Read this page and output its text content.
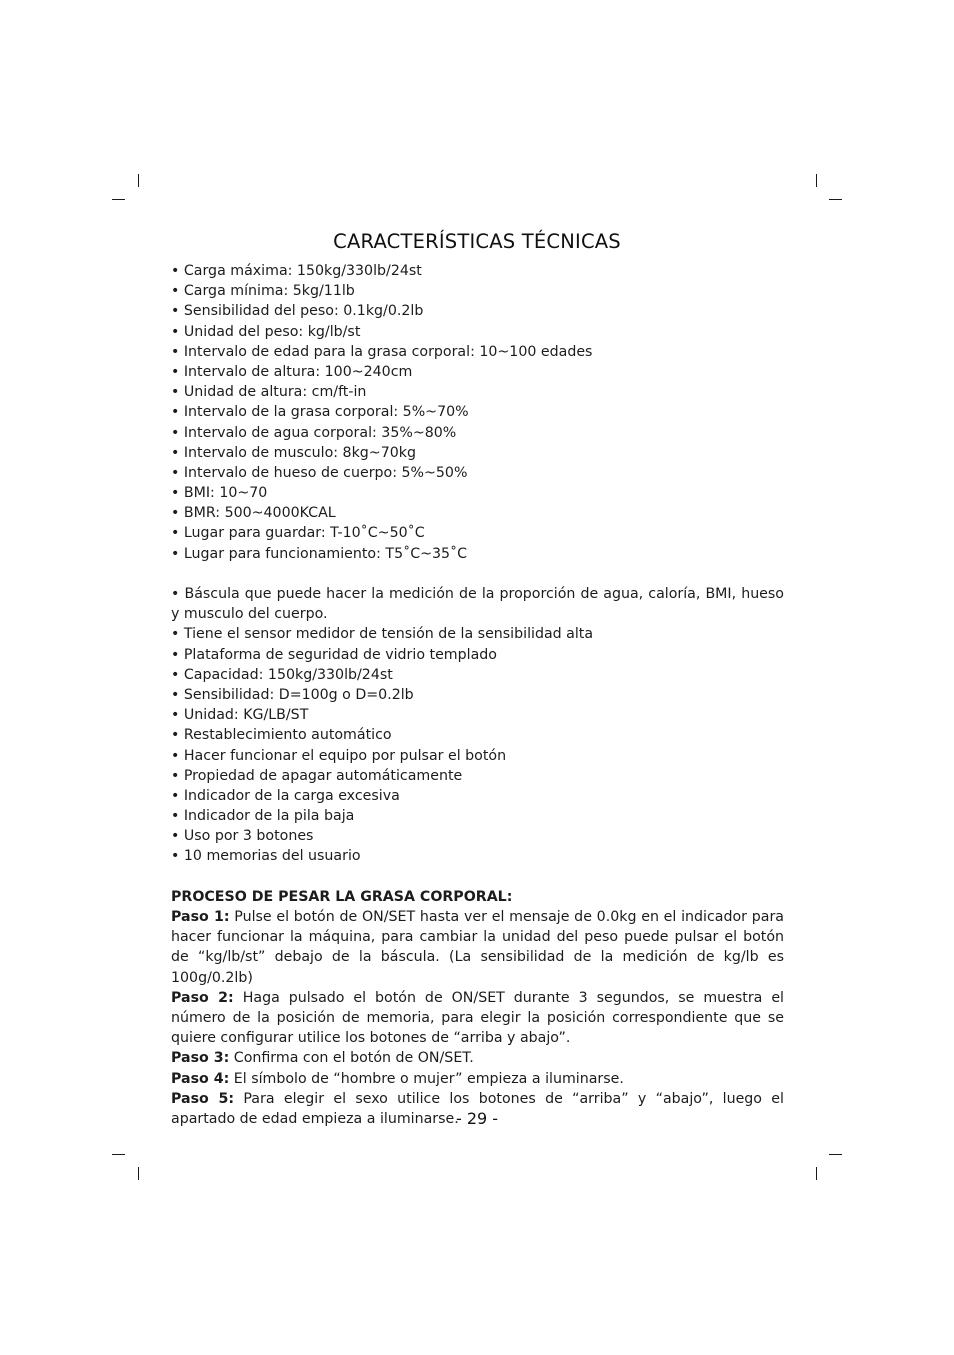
CARACTERÍSTICAS TÉCNICAS
• Carga máxima: 150kg/330lb/24st
• Carga mínima: 5kg/11lb
• Sensibilidad del peso: 0.1kg/0.2lb
• Unidad del peso: kg/lb/st
• Intervalo de edad para la grasa corporal: 10~100 edades
• Intervalo de altura: 100~240cm
• Unidad de altura: cm/ft-in
• Intervalo de la grasa corporal: 5%~70%
• Intervalo de agua corporal: 35%~80%
• Intervalo de musculo: 8kg~70kg
• Intervalo de hueso de cuerpo: 5%~50%
• BMI: 10~70
• BMR: 500~4000KCAL
• Lugar para guardar: T-10˚C~50˚C
• Lugar para funcionamiento: T5˚C~35˚C
• Báscula que puede hacer la medición de la proporción de agua, caloría, BMI, hueso y musculo del cuerpo.
• Tiene el sensor medidor de tensión de la sensibilidad alta
• Plataforma de seguridad de vidrio templado
• Capacidad: 150kg/330lb/24st
• Sensibilidad: D=100g o D=0.2lb
• Unidad: KG/LB/ST
• Restablecimiento automático
• Hacer funcionar el equipo por pulsar el botón
• Propiedad de apagar automáticamente
• Indicador de la carga excesiva
• Indicador de la pila baja
• Uso por 3 botones
• 10 memorias del usuario
PROCESO DE PESAR LA GRASA CORPORAL:
Paso 1: Pulse el botón de ON/SET hasta ver el mensaje de 0.0kg en el indicador para hacer funcionar la máquina, para cambiar la unidad del peso puede pulsar el botón de “kg/lb/st” debajo de la báscula. (La sensibilidad de la medición de kg/lb es 100g/0.2lb)
Paso 2: Haga pulsado el botón de ON/SET durante 3 segundos, se muestra el número de la posición de memoria, para elegir la posición correspondiente que se quiere configurar utilice los botones de “arriba y abajo”.
Paso 3: Confirma con el botón de ON/SET.
Paso 4: El símbolo de “hombre o mujer” empieza a iluminarse.
Paso 5: Para elegir el sexo utilice los botones de “arriba” y “abajo”, luego el apartado de edad empieza a iluminarse.
- 29 -
